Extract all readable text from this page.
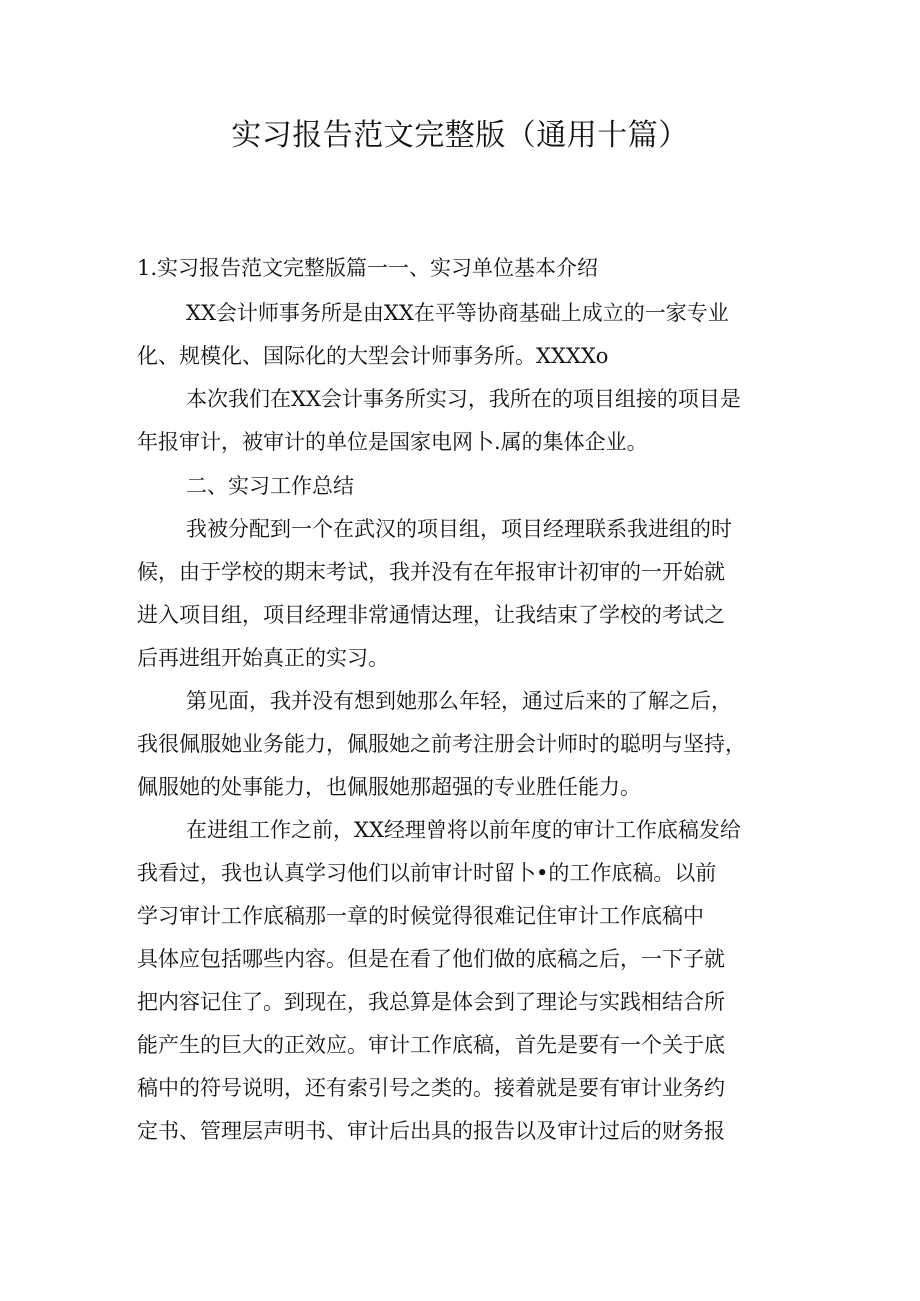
实习报告范文完整版（通用十篇）
1.实习报告范文完整版篇一一、实习单位基本介绍
XX会计师事务所是由XX在平等协商基础上成立的一家专业
化、规模化、国际化的大型会计师事务所。XXXXo
本次我们在XX会计事务所实习，我所在的项目组接的项目是
年报审计，被审计的单位是国家电网卜.属的集体企业。
二、实习工作总结
我被分配到一个在武汉的项目组，项目经理联系我进组的时
候，由于学校的期末考试，我并没有在年报审计初审的一开始就
进入项目组，项目经理非常通情达理，让我结束了学校的考试之
后再进组开始真正的实习。
第见面，我并没有想到她那么年轻，通过后来的了解之后，
我很佩服她业务能力，佩服她之前考注册会计师时的聪明与坚持，
佩服她的处事能力，也佩服她那超强的专业胜任能力。
在进组工作之前，XX经理曾将以前年度的审计工作底稿发给
我看过，我也认真学习他们以前审计时留卜•的工作底稿。以前
学习审计工作底稿那一章的时候觉得很难记住审计工作底稿中
具体应包括哪些内容。但是在看了他们做的底稿之后，一下子就
把内容记住了。到现在，我总算是体会到了理论与实践相结合所
能产生的巨大的正效应。审计工作底稿，首先是要有一个关于底
稿中的符号说明，还有索引号之类的。接着就是要有审计业务约
定书、管理层声明书、审计后出具的报告以及审计过后的财务报
